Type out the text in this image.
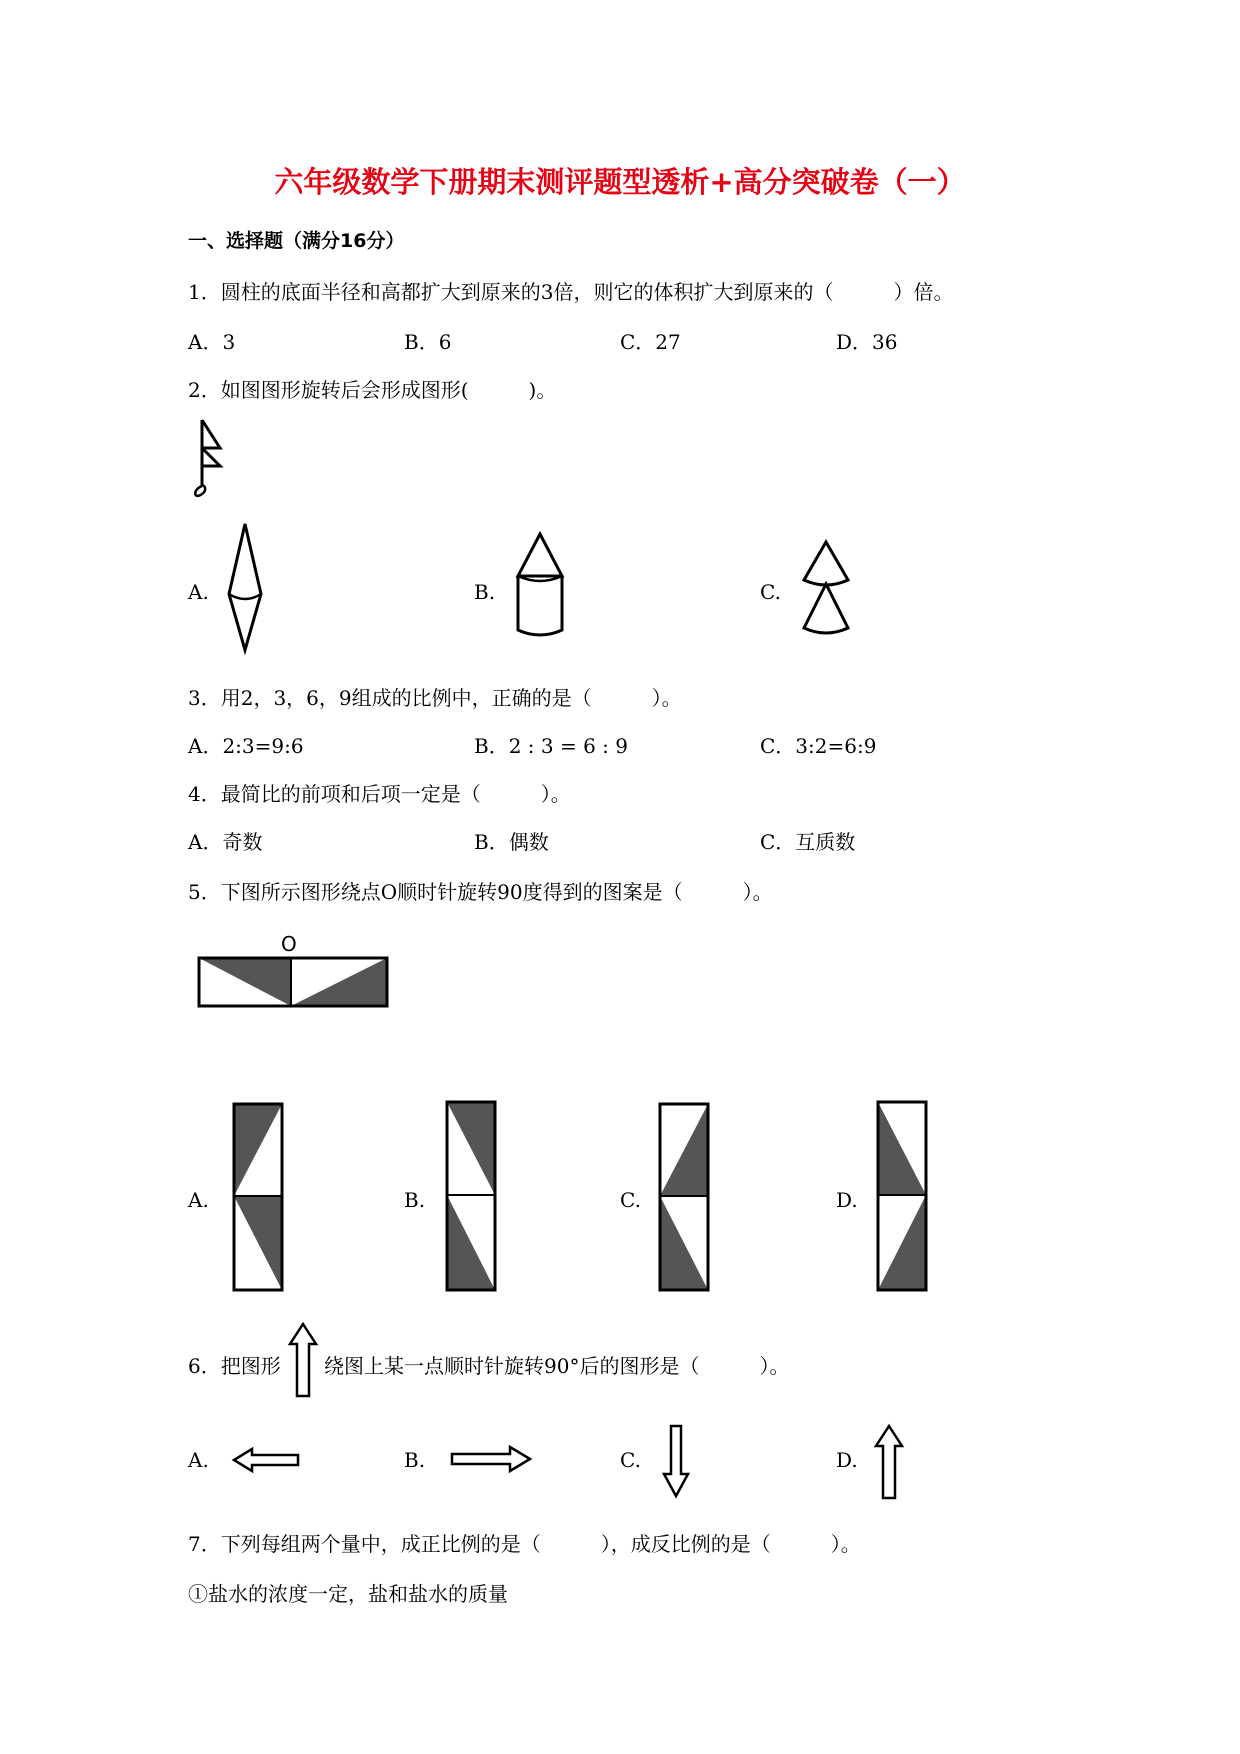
六年级数学下册期末测评题型透析+高分突破卷（一）
一、选择题（满分16分）
1．圆柱的底面半径和高都扩大到原来的3倍，则它的体积扩大到原来的（　　　）倍。
A．3	B．6	C．27	D．36
2．如图图形旋转后会形成图形(　　　)。
A.	B.	C.
3．用2，3，6，9组成的比例中，正确的是（　　　）。
A．2:3=9:6	B．2 : 3 = 6 : 9	C．3:2=6:9
4．最简比的前项和后项一定是（　　　）。
A．奇数	B．偶数	C．互质数
5．下图所示图形绕点O顺时针旋转90度得到的图案是（　　　）。
O
A.	B.	C.	D.
6．把图形 绕图上某一点顺时针旋转90°后的图形是（　　　）。
A.	B.	C.	D.
7．下列每组两个量中，成正比例的是（　　　），成反比例的是（　　　）。
①盐水的浓度一定，盐和盐水的质量
